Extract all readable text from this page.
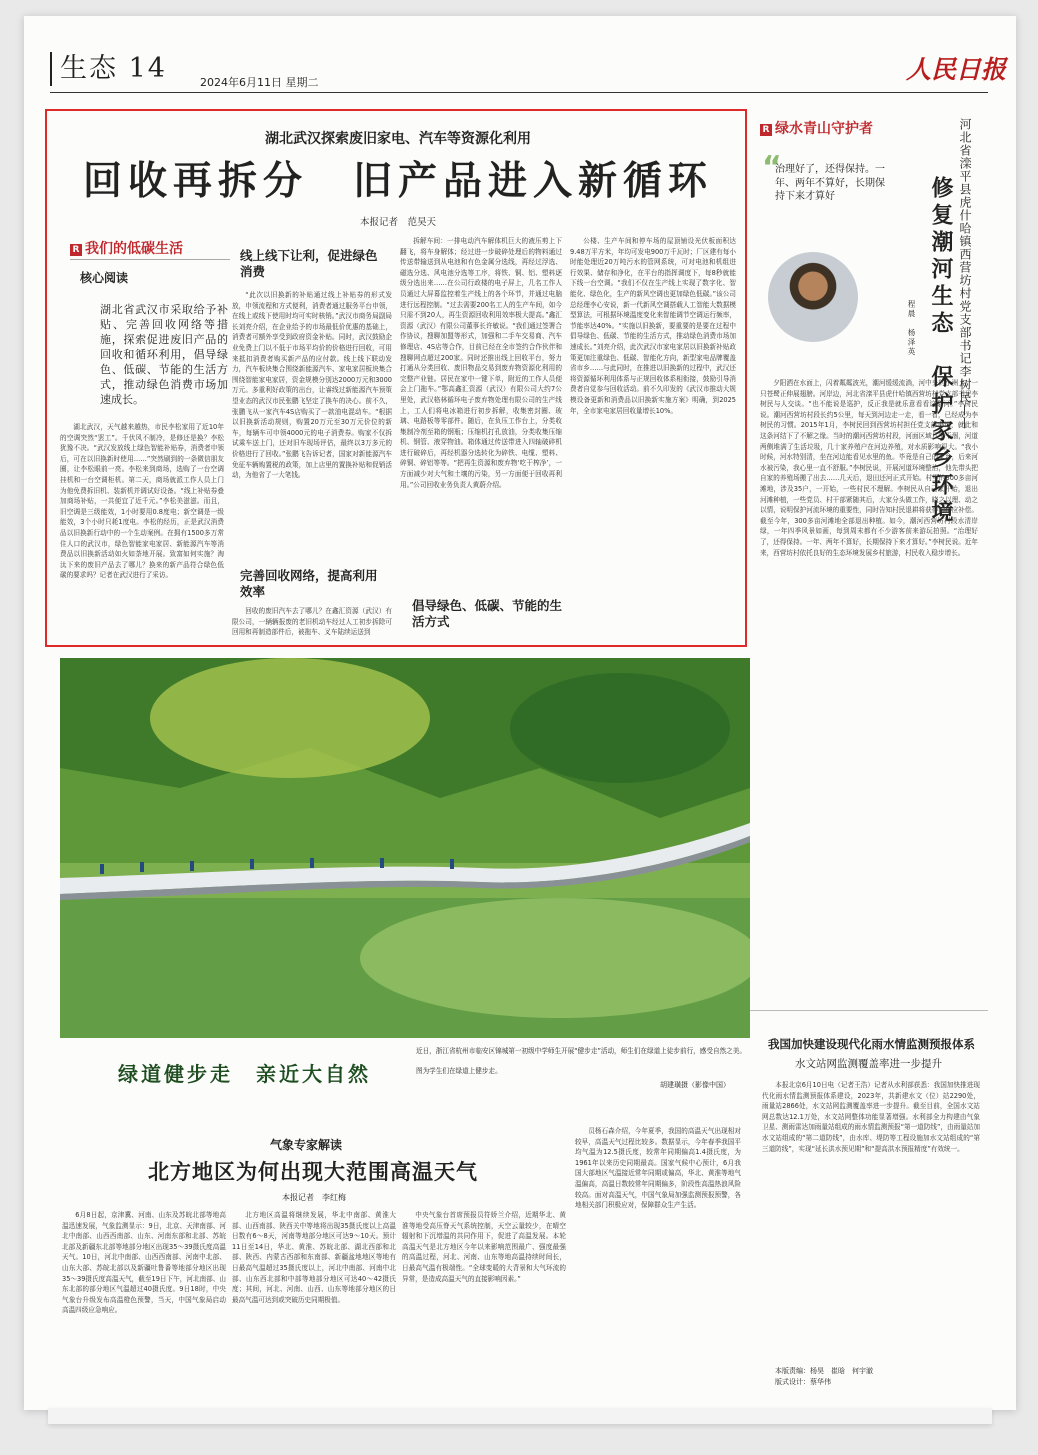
生态 14	2024年6月11日 星期二	人民日报
湖北武汉探索废旧家电、汽车等资源化利用
回收再拆分　旧产品进入新循环
本报记者　范昊天
R 我们的低碳生活
核心阅读
湖北省武汉市采取给予补贴、完善回收网络等措施，探索促进废旧产品的回收和循环利用，倡导绿色、低碳、节能的生活方式，推动绿色消费市场加速成长。
湖北武汉，天气越来越热，市民李松家用了近10年的空调突然“罢工”。千伏风不制冷，是修还是换？李松犹豫不决。“武汉发放线上绿色智能补贴券，消费者申领后，可在以旧换新时使用……”突然刷到的一条微信朋友圈，让李松眼前一亮。李松来到商场，选购了一台空调挂机和一台空调柜机。第二天，商场就派工作人员上门为他免费拆旧机、装新机并调试好设备。“线上补贴券叠加商场补贴，一共便宜了近千元。”李松美滋滋。而且，旧空调是三级能效，1小时要用0.8度电；新空调是一级能效，3个小时只耗1度电。李松的经历，正是武汉消费品以旧换新行动中的一个生动案例。在拥有1500多万常住人口的武汉市，绿色智能家电家居、新能源汽车等消费品以旧换新活动如火如荼地开展。致富如何实施？淘汰下来的废旧产品去了哪儿？换来的新产品符合绿色低碳的要求吗？记者在武汉进行了采访。
线上线下让利，促进绿色消费
“此次以旧换新的补贴通过线上补贴券的形式发放，申领流程和方式便利，消费者通过服务平台申领，在线上或线下使用时均可实时核销。”武汉市商务局副局长刘亮介绍，在企业给予的市场最低价优惠的基础上，消费者可额外享受到政府资金补贴。同时，武汉鼓励企业免费上门以不低于市场平均价的价格进行回收，可用来抵扣消费者购买新产品的应付款。线上线下联动发力，汽车板块集合围绕新能源汽车、家电家居板块集合围绕智能家电家居，资金规模分别达2000万元和3000万元。多重利好政策的出台，让睿线过新能源汽车预策望业态的武汉市民张鹏飞坚定了换车的决心。前不久，张鹏飞从一家汽车4S店购买了一款油电混动车。“根据以旧换新活动规则，购置20万元至30万元价位的新车，每辆车可申领4000元的电子消费券。购家不仅拆试乘车送上门，还对旧车现场评估，最终以3万多元的价格进行了回收。”张鹏飞告诉记者，国家对新能源汽车免征车辆购置税的政策，加上店里的置换补贴和促销活动，为他省了一大笔钱。
完善回收网络，提高利用效率
回收的废旧汽车去了哪儿？在鑫汇资源（武汉）有限公司，一辆辆报废的老旧机动车经过人工初步拆除可回用和再制造部件后，被拖车、叉车陆续运送到
拆解车间：一排电动汽车解体机巨大的液压剪上下翻飞，将车身解体；经过进一步破碎处理后的物料通过传送带输送到从电池和有色金属分选线，再经过浮选、磁选分选、风电池分选等工序，将铁、铜、铝、塑料逐级分选出来……在公司行政楼的电子屏上，几名工作人员通过大屏幕监控着生产线上的各个环节，并通过电脑进行远程控制。“过去需要200名工人的生产车间，如今只需不到20人，再生资源回收利用效率极大提高。”鑫汇资源（武汉）有限公司董事长许敏说。“我们通过签署合作协议，搜聊加盟等形式，加强和二手车交易商、汽车修理店、4S店等合作，目前已经在全市签约合作伙伴和搜聊网点超过200家。同时还推出线上回收平台，努力打通从分类回收、废旧物品交易到废弃物资源化利用的完整产业链。居民在家中一键下单，附近的工作人员便会上门拖车。”鄂高鑫汇资源（武汉）有限公司大约7公里处，武汉格林循环电子废弃物处理有限公司的生产线上，工人们将电冰箱进行初步拆解，收集密封圈、玻璃、电路板等零部件。随后，在负压工作台上，分类收集制冷剂至箱的钢瓶；压缩机打孔放油，分类收集压缩机、钢管、液穿物油。箱体通过传送带进入四轴破碎机进行破碎后，再经机器分选转化为碎铁、电缆、塑料、碎铜、碎铝等等。“把再生资源和废弃物‘吃干榨净’，一方面减少对大气和土壤的污染，另一方面便于回收再利用。”公司回收业务负责人黄蔚介绍。
倡导绿色、低碳、节能的生活方式
公楼、生产车间和停车场的屋顶铺设光伏板面积达9.48万平方米，年均可发电900万千瓦时；厂区建有每小时能处理近20万吨污水的管网系统，可对电池和机组进行效果、储存和净化，在平台的指挥调度下，每8秒就能下线一台空调。“我们不仅在生产线上实现了数字化、智能化、绿色化，生产的新风空调也更加绿色低碳。”该公司总经理李心安说，新一代新风空调搭载人工智能大数据模型算法，可根据环境温度变化来智能调节空调运行频率，节能率达40%。“实施以旧换新，要重要的是要在过程中倡导绿色、低碳、节能的生活方式，推动绿色消费市场加速成长。”刘亮介绍，此次武汉市家电家居以旧换新补贴政策更加注重绿色、低碳、智能化方向，新型家电品牌覆盖省市乡……与此同时，在推进以旧换新的过程中，武汉还将资源循环利用体系与正规回收体系相衔接，鼓励引导消费者自觉参与回收活动。前不久印发的《武汉市推动大规模设备更新和消费品以旧换新实施方案》明确，到2025年，全市家电家居回收量增长10%。
R 绿水青山守护者
“
治理好了，还得保持。一年、两年不算好，长期保持下来才算好	河北省滦平县虎什哈镇西营坊村党支部书记李树民——
修复潮河生态　保护家乡环境
程晨　杨泽英
夕阳洒在水面上，闪着粼粼波光，潮河缓缓流淌，河中央的小洲上，一只苍鹭正伸展翅膀。河岸边，河北省滦平县虎什哈镇西营坊村党支部书记李树民与人交谈。“也不能说是巡护，反正我是就乐意看看这条河。”李树民说。潮河西营坊村段长约5公里，每天到河边走一走，看一看，已经成为李树民的习惯。2015年1月，李树民回到西营坊村担任党支部书记，就此和这条河结下了不解之缘。当时的潮河西营坊村段，河面区域几乎干涸，河道两侧堆满了生活垃圾，几十家养殖户在河边养殖，对水质影响很大。“我小时候，河水特别清，坐在河边能看见水里的鱼。毕竟是自己的家乡，后来河水被污染，我心里一直不舒服。”李树民说，开展河道环境整治，他先带头把自家的养殖场搬了出去……几天后，退田还河正式开始。村里的300多亩河滩地，涉及35户，一开始，一些村民不理解。李树民从自己家开始，退出河滩种植，一些党员、村干部紧随其后，大家分头做工作，晓之以理、动之以情，说明保护河流环境的重要性，同时告知村民退耕将获得的相应补偿。截至今年，300多亩河滩地全部退出种植。如今，潮河西营坊村段水清岸绿，一年四季风景如画，每到周末都有不少游客前来游玩拍照。“治理好了，还得保持。一年、两年不算好，长期保持下来才算好。”李树民说。近年来，西营坊村依托良好的生态环境发展乡村旅游，村民收入稳步增长。
绿道健步走　亲近大自然
近日，浙江省杭州市临安区锦城第一初级中学师生开展“健步走”活动，师生们在绿道上徒步前行，感受自然之美。
图为学生们在绿道上健步走。
胡建璜摄（影像中国）
我国加快建设现代化雨水情监测预报体系
水文站网监测覆盖率进一步提升
本报北京6月10日电（记者王浩）记者从水利部获悉：我国加快推进现代化雨水情监测预报体系建设，2023年，共新建水文（位）站2290处，雨量站2866处，水文站网监测覆盖率进一步提升。截至目前，全国水文站网总数达12.1万处，水文站网整体功能显著增强。水利部全力构建由气象卫星、测雨雷达加雨量站组成的雨水情监测预报“第一道防线”，由雨量站加水文站组成的“第二道防线”，由水库、堤防等工程设施加水文站组成的“第三道防线”，实现“延长洪水预见期”和“提高洪水预报精度”有效统一。
本版责编：杨昊　崔晗　何宇澈
版式设计：蔡华伟
气象专家解读
北方地区为何出现大范围高温天气
本报记者　李红梅
6月8日起，京津冀、河南、山东及苏皖北部等地高温迅速发展，气象监测显示：9日，北京、天津南部、河北中南部、山西西南部、山东、河南东部和北部、苏皖北部及新疆东北部等地部分地区出现35～39摄氏度高温天气。10日，河北中南部、山西西南部、河南中北部、山东大部、苏皖北部以及新疆吐鲁番等地部分地区出现35～39摄氏度高温天气，截至19日下午，河北南部、山东北部的部分地区气温超过40摄氏度。9日18时，中央气象台升级发布高温橙色预警，当天，中国气象局启动高温四级应急响应。
北方地区高温将继续发展，华北中南部、黄淮大部、山西南部、陕西关中等地将出现35摄氏度以上高温日数有6～8天，河南等地部分地区可达9～10天。预计11日至14日，华北、黄淮、苏皖北部、湖北西部和北部、陕西、内蒙古西部和东南部、新疆盆地地区等地有日最高气温超过35摄氏度以上，河北中南部、河南中北部、山东西北部和中部等地部分地区可达40～42摄氏度；其间，河北、河南、山西、山东等地部分地区的日最高气温可达到或突破历史同期极值。
中央气象台首席预报员符娇兰介绍，近期华北、黄淮等地受高压脊天气系统控制，天空云量较少，在晴空辐射和下沉增温的共同作用下，促进了高温发展。本轮高温天气是北方地区今年以来影响范围最广、强度最强的高温过程，河北、河南、山东等地高温持续时间长，日最高气温有极端性。“全球变暖的大背景和大气环流的异常，是造成高温天气的直接影响因素。”
员杨石森介绍，今年夏季，我国的高温天气出现相对较早，高温天气过程比较多。数据显示，今年春季我国平均气温为12.5摄氏度，较常年同期偏高1.4摄氏度，为1961年以来历史同期最高。国家气候中心预计，6月我国大部地区气温接近常年同期或偏高，华北、黄淮等地气温偏高，高温日数较常年同期偏多，阶段性高温热浪风险较高。面对高温天气，中国气象局加强监测预报预警，各地相关部门积极应对，保障群众生产生活。
